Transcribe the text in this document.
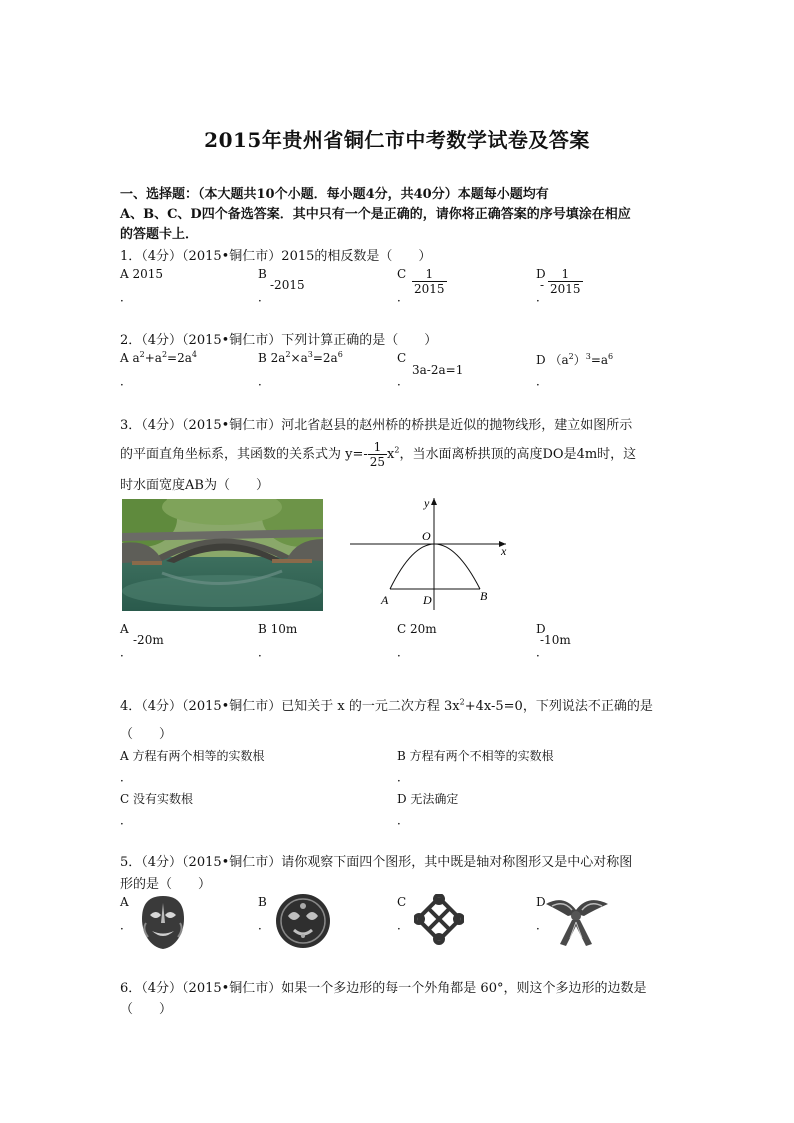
2015年贵州省铜仁市中考数学试卷及答案
一、选择题：（本大题共10个小题．每小题4分，共40分）本题每小题均有
A、B、C、D四个备选答案．其中只有一个是正确的，请你将正确答案的序号填涂在相应
的答题卡上．
1．（4分）（2015•铜仁市）2015的相反数是（　　）
A 2015
．
B
-2015
．
C $\frac{1}{2015}$
．
D
- $\frac{1}{2015}$
．
2．（4分）（2015•铜仁市）下列计算正确的是（　　）
A $a^2+a^2=2a^4$
．
B $2a^2\times a^3=2a^6$
．
C
3a-2a=1
．
D $(a^2)^3=a^6$
．
3．（4分）（2015•铜仁市）河北省赵县的赵州桥的桥拱是近似的抛物线形，建立如图所示
的平面直角坐标系，其函数的关系式为 $y=- \frac{1}{25} x^2$，当水面离桥拱顶的高度DO是4m时，这
时水面宽度AB为（　　）
y
x
O
A	D	B
A
-20m
．
B 10m
．
C 20m
．
D
-10m
．
4．（4分）（2015•铜仁市）已知关于 x 的一元二次方程 $3x^2+4x-5=0$，下列说法不正确的是
（　　）
A 方程有两个相等的实数根
．
B 方程有两个不相等的实数根
．
C 没有实数根
．
D 无法确定
．
5．（4分）（2015•铜仁市）请你观察下面四个图形，其中既是轴对称图形又是中心对称图
形的是（　　）
A
．
B
．
C
．
D
．
6．（4分）（2015•铜仁市）如果一个多边形的每一个外角都是 60°，则这个多边形的边数是
（　　）
